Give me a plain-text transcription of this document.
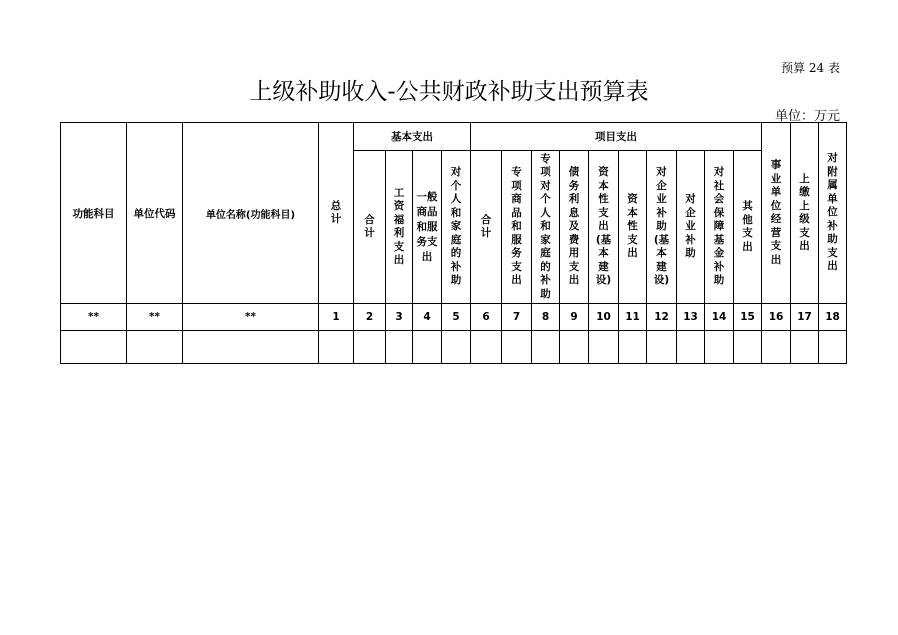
预算 24 表
上级补助收入-公共财政补助支出预算表
单位：万元
功能科目	单位代码	单位名称(功能科目)	总计	基本支出				项目支出										事业单位经营支出	上缴上级支出	对附属单位补助支出
				合计	工资福利支出	一般商品和服务支出	对个人和家庭的补助	合计	专项商品和服务支出	专项对个人和家庭的补助	债务利息及费用支出	资本性支出(基本建设)	资本性支出	对企业补助(基本建设)	对企业补助	对社会保障基金补助	其他支出			
**	**	**	1	2	3	4	5	6	7	8	9	10	11	12	13	14	15	16	17	18
